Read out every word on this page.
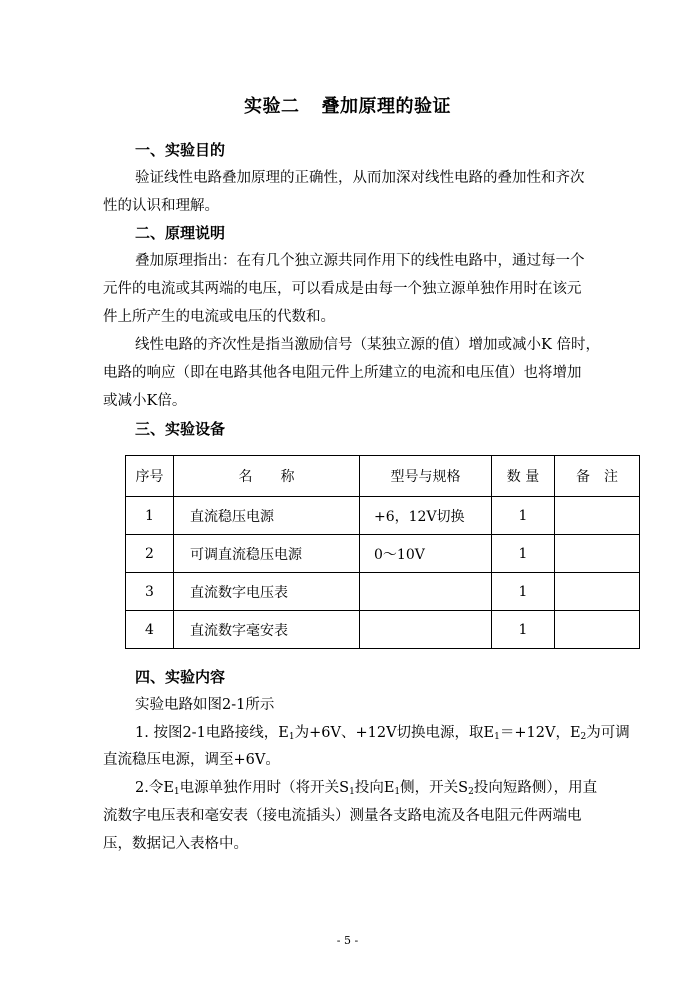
实验二 叠加原理的验证
一、实验目的
验证线性电路叠加原理的正确性，从而加深对线性电路的叠加性和齐次
性的认识和理解。
二、原理说明
叠加原理指出：在有几个独立源共同作用下的线性电路中，通过每一个
元件的电流或其两端的电压，可以看成是由每一个独立源单独作用时在该元
件上所产生的电流或电压的代数和。
线性电路的齐次性是指当激励信号（某独立源的值）增加或减小K 倍时，
电路的响应（即在电路其他各电阻元件上所建立的电流和电压值）也将增加
或减小K倍。
三、实验设备
序号	名　　称	型号与规格	数 量	备　注
1	直流稳压电源	+6，12V切换	1	
2	可调直流稳压电源	0～10V	1	
3	直流数字电压表		1	
4	直流数字毫安表		1	
四、实验内容
实验电路如图2-1所示
1. 按图2-1电路接线，$E_1$为+6V、+12V切换电源，取$E_1=+12V$，$E_2$为可调
直流稳压电源，调至+6V。
2.令$E_1$电源单独作用时（将开关$S_1$投向$E_1$侧，开关$S_2$投向短路侧），用直
流数字电压表和毫安表（接电流插头）测量各支路电流及各电阻元件两端电
压，数据记入表格中。
- 5 -
